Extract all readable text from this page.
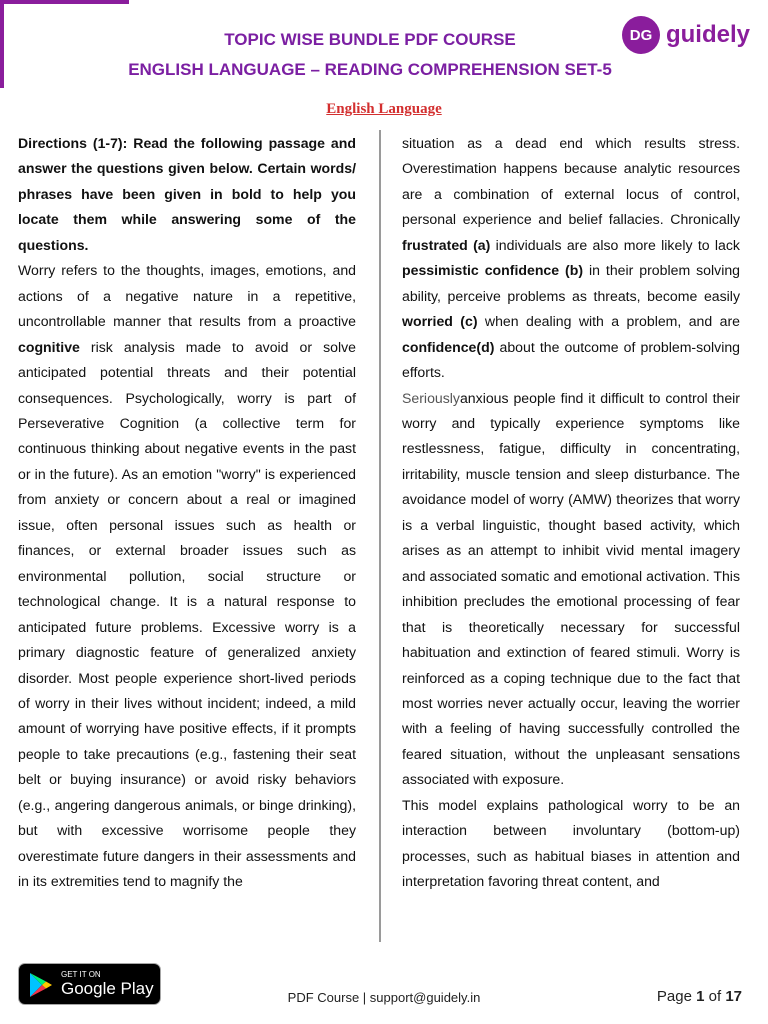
TOPIC WISE BUNDLE PDF COURSE
ENGLISH LANGUAGE – READING COMPREHENSION SET-5
DG guidely
English Language

Directions (1-7): Read the following passage and answer the questions given below. Certain words/ phrases have been given in bold to help you locate them while answering some of the questions.

Worry refers to the thoughts, images, emotions, and actions of a negative nature in a repetitive, uncontrollable manner that results from a proactive cognitive risk analysis made to avoid or solve anticipated potential threats and their potential consequences. Psychologically, worry is part of Perseverative Cognition (a collective term for continuous thinking about negative events in the past or in the future). As an emotion "worry" is experienced from anxiety or concern about a real or imagined issue, often personal issues such as health or finances, or external broader issues such as environmental pollution, social structure or technological change. It is a natural response to anticipated future problems. Excessive worry is a primary diagnostic feature of generalized anxiety disorder. Most people experience short-lived periods of worry in their lives without incident; indeed, a mild amount of worrying have positive effects, if it prompts people to take precautions (e.g., fastening their seat belt or buying insurance) or avoid risky behaviors (e.g., angering dangerous animals, or binge drinking), but with excessive worrisome people they overestimate future dangers in their assessments and in its extremities tend to magnify the

situation as a dead end which results stress. Overestimation happens because analytic resources are a combination of external locus of control, personal experience and belief fallacies. Chronically frustrated (a) individuals are also more likely to lack pessimistic confidence (b) in their problem solving ability, perceive problems as threats, become easily worried (c) when dealing with a problem, and are confidence(d) about the outcome of problem-solving efforts.

Seriouslyanxious people find it difficult to control their worry and typically experience symptoms like restlessness, fatigue, difficulty in concentrating, irritability, muscle tension and sleep disturbance. The avoidance model of worry (AMW) theorizes that worry is a verbal linguistic, thought based activity, which arises as an attempt to inhibit vivid mental imagery and associated somatic and emotional activation. This inhibition precludes the emotional processing of fear that is theoretically necessary for successful habituation and extinction of feared stimuli. Worry is reinforced as a coping technique due to the fact that most worries never actually occur, leaving the worrier with a feeling of having successfully controlled the feared situation, without the unpleasant sensations associated with exposure.

This model explains pathological worry to be an interaction between involuntary (bottom-up) processes, such as habitual biases in attention and interpretation favoring threat content, and

GET IT ON
Google Play	PDF Course | support@guidely.in	Page 1 of 17
